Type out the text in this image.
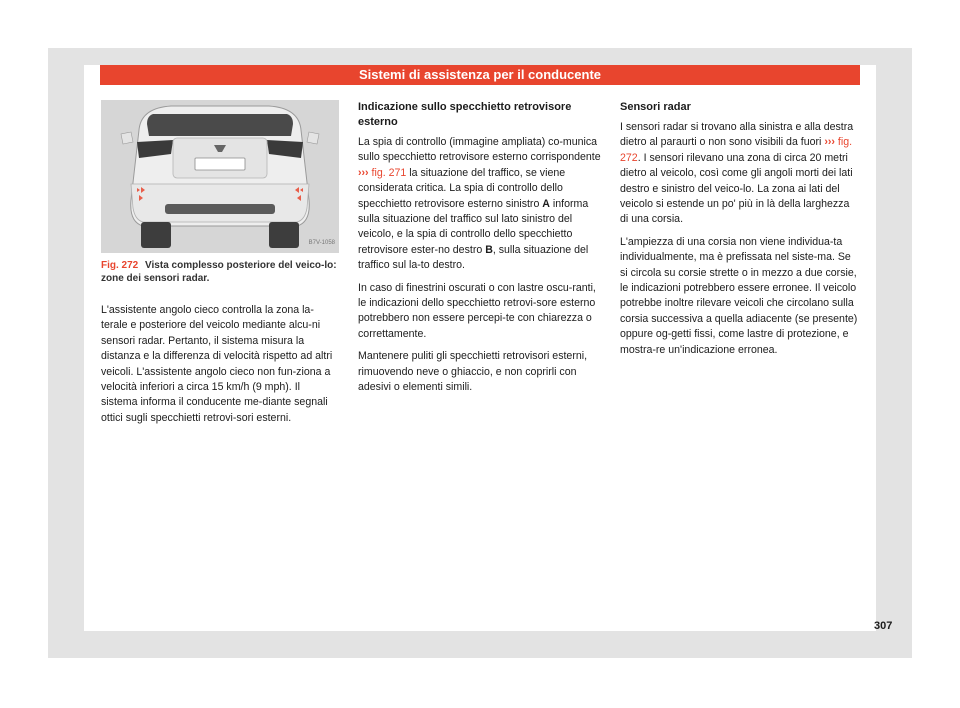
Sistemi di assistenza per il conducente
B7V-1058
Fig. 272 Vista complesso posteriore del veico-lo: zone dei sensori radar.

L'assistente angolo cieco controlla la zona la-terale e posteriore del veicolo mediante alcu-ni sensori radar. Pertanto, il sistema misura la distanza e la differenza di velocità rispetto ad altri veicoli. L'assistente angolo cieco non fun-ziona a velocità inferiori a circa 15 km/h (9 mph). Il sistema informa il conducente me-diante segnali ottici sugli specchietti retrovi-sori esterni.

Indicazione sullo specchietto retrovisore esterno

La spia di controllo (immagine ampliata) co-munica sullo specchietto retrovisore esterno corrispondente ››› fig. 271 la situazione del traffico, se viene considerata critica. La spia di controllo dello specchietto retrovisore esterno sinistro A informa sulla situazione del traffico sul lato sinistro del veicolo, e la spia di controllo dello specchietto retrovisore ester-no destro B, sulla situazione del traffico sul la-to destro.

In caso di finestrini oscurati o con lastre oscu-ranti, le indicazioni dello specchietto retrovi-sore esterno potrebbero non essere percepi-te con chiarezza o correttamente.

Mantenere puliti gli specchietti retrovisori esterni, rimuovendo neve o ghiaccio, e non coprirli con adesivi o elementi simili.

Sensori radar

I sensori radar si trovano alla sinistra e alla destra dietro al paraurti o non sono visibili da fuori ››› fig. 272. I sensori rilevano una zona di circa 20 metri dietro al veicolo, così come gli angoli morti dei lati destro e sinistro del veico-lo. La zona ai lati del veicolo si estende un po' più in là della larghezza di una corsia.

L'ampiezza di una corsia non viene individua-ta individualmente, ma è prefissata nel siste-ma. Se si circola su corsie strette o in mezzo a due corsie, le indicazioni potrebbero essere erronee. Il veicolo potrebbe inoltre rilevare veicoli che circolano sulla corsia successiva a quella adiacente (se presente) oppure og-getti fissi, come lastre di protezione, e mostra-re un'indicazione erronea.

307
